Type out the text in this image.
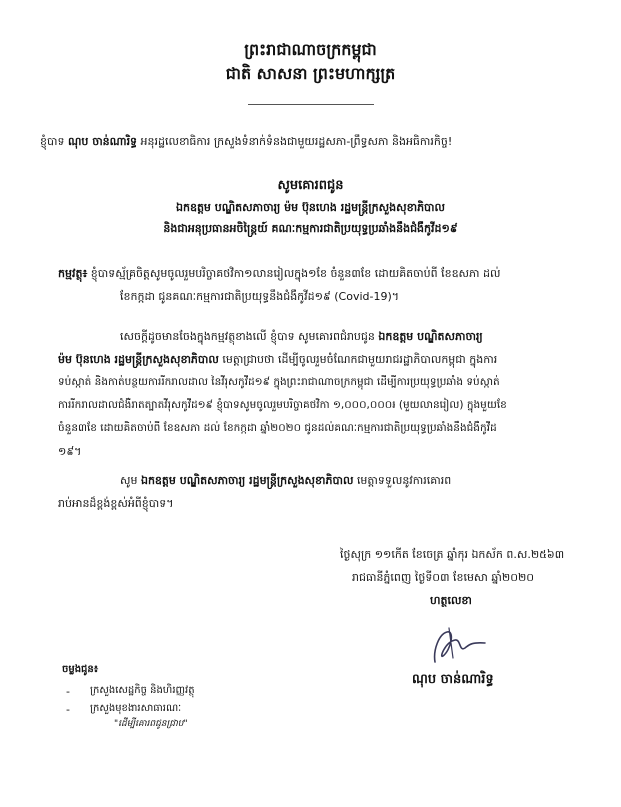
ព្រះរាជាណាចក្រកម្ពុជា
ជាតិ សាសនា ព្រះមហាក្សត្រ
ខ្ញុំបាទ ណុប ចាន់ណារិទ្ធ អនុរដ្ឋលេខាធិការ ក្រសួងទំនាក់ទំនងជាមួយរដ្ឋសភា-ព្រឹទ្ធសភា និងអធិការកិច្ច!
សូមគោរពជូន
ឯកឧត្តម បណ្ឌិតសភាចារ្យ ម៉ម ប៊ុនហេង រដ្ឋមន្ត្រីក្រសួងសុខាភិបាល
និងជាអនុប្រធានអចិន្ត្រៃយ៍ គណៈកម្មការជាតិប្រយុទ្ធប្រឆាំងនឹងជំងឺកូវីដ១៩
កម្មវត្ថុ៖ ខ្ញុំបាទស្ម័គ្រចិត្តសូមចូលរួមបរិច្ចាគថវិកា១លានរៀលក្នុង១ខែ ចំនួន៣ខែ ដោយគិតចាប់ពី ខែឧសភា ដល់
ខែកក្កដា ជូនគណៈកម្មការជាតិប្រយុទ្ធនឹងជំងឺកូវីដ១៩ (Covid-19)។
សេចក្ដីដូចមានចែងក្នុងកម្មវត្ថុខាងលើ ខ្ញុំបាទ សូមគោរពជំរាបជូន ឯកឧត្តម បណ្ឌិតសភាចារ្យ
ម៉ម ប៊ុនហេង រដ្ឋមន្ត្រីក្រសួងសុខាភិបាល មេត្តាជ្រាបថា ដើម្បីចូលរួមចំណែកជាមួយរាជរដ្ឋាភិបាលកម្ពុជា ក្នុងការ
ទប់ស្កាត់ និងកាត់បន្ថយការរីករាលដាល នៃវីរុសកូវីដ១៩ ក្នុងព្រះរាជាណាចក្រកម្ពុជា ដើម្បីការប្រយុទ្ធប្រឆាំង ទប់ស្កាត់
ការរីករាលដាលជំងឺរាតត្បាតវីរុសកូវីដ១៩ ខ្ញុំបាទសូមចូលរួមបរិច្ចាគថវិកា ១,០០០,០០០៛ (មួយលានរៀល) ក្នុងមួយខែ
ចំនួន៣ខែ ដោយគិតចាប់ពី ខែឧសភា ដល់ ខែកក្កដា ឆ្នាំ២០២០ ជូនដល់គណៈកម្មការជាតិប្រយុទ្ធប្រឆាំងនឹងជំងឺកូវីដ
១៩។
សូម ឯកឧត្តម បណ្ឌិតសភាចារ្យ រដ្ឋមន្ត្រីក្រសួងសុខាភិបាល មេត្តាទទួលនូវការគោរព
រាប់អានដ៏ខ្ពង់ខ្ពស់អំពីខ្ញុំបាទ។
ថ្ងៃសុក្រ ១១កើត ខែចេត្រ ឆ្នាំកុរ ឯកស័ក ព.ស.២៥៦៣
រាជធានីភ្នំពេញ ថ្ងៃទី០៣ ខែមេសា ឆ្នាំ២០២០
ហត្ថលេខា
ណុប ចាន់ណារិទ្ធ
ចម្លងជូន៖
- ក្រសួងសេដ្ឋកិច្ច និងហិរញ្ញវត្ថុ
- ក្រសួងមុខងារសាធារណៈ
"ដើម្បីគោរពជូនជ្រាប"
